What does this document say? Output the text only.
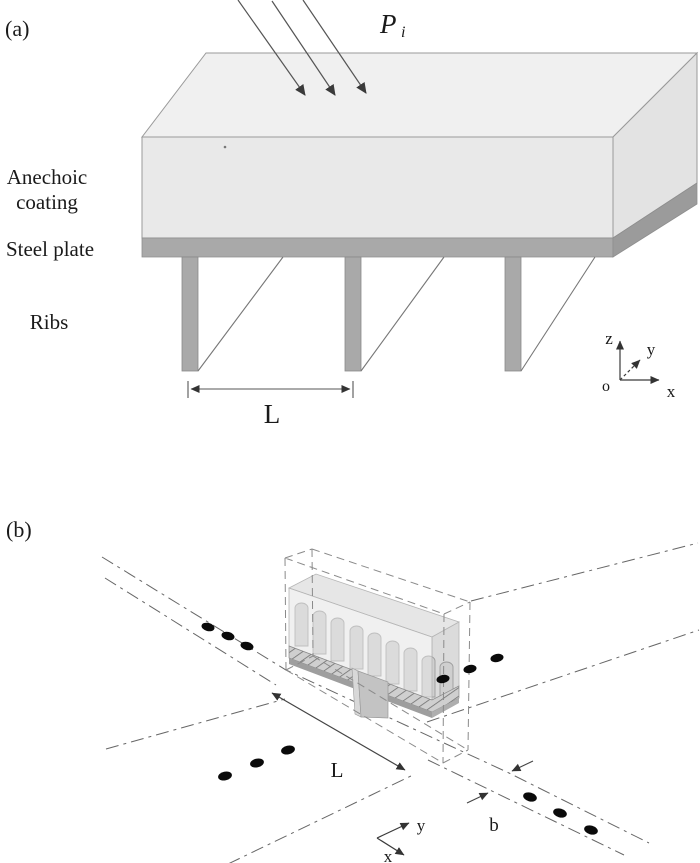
(a)	P i
Anechoic
coating
Steel plate
Ribs
L
z
y
o	x
(b)
L
b
y
x
